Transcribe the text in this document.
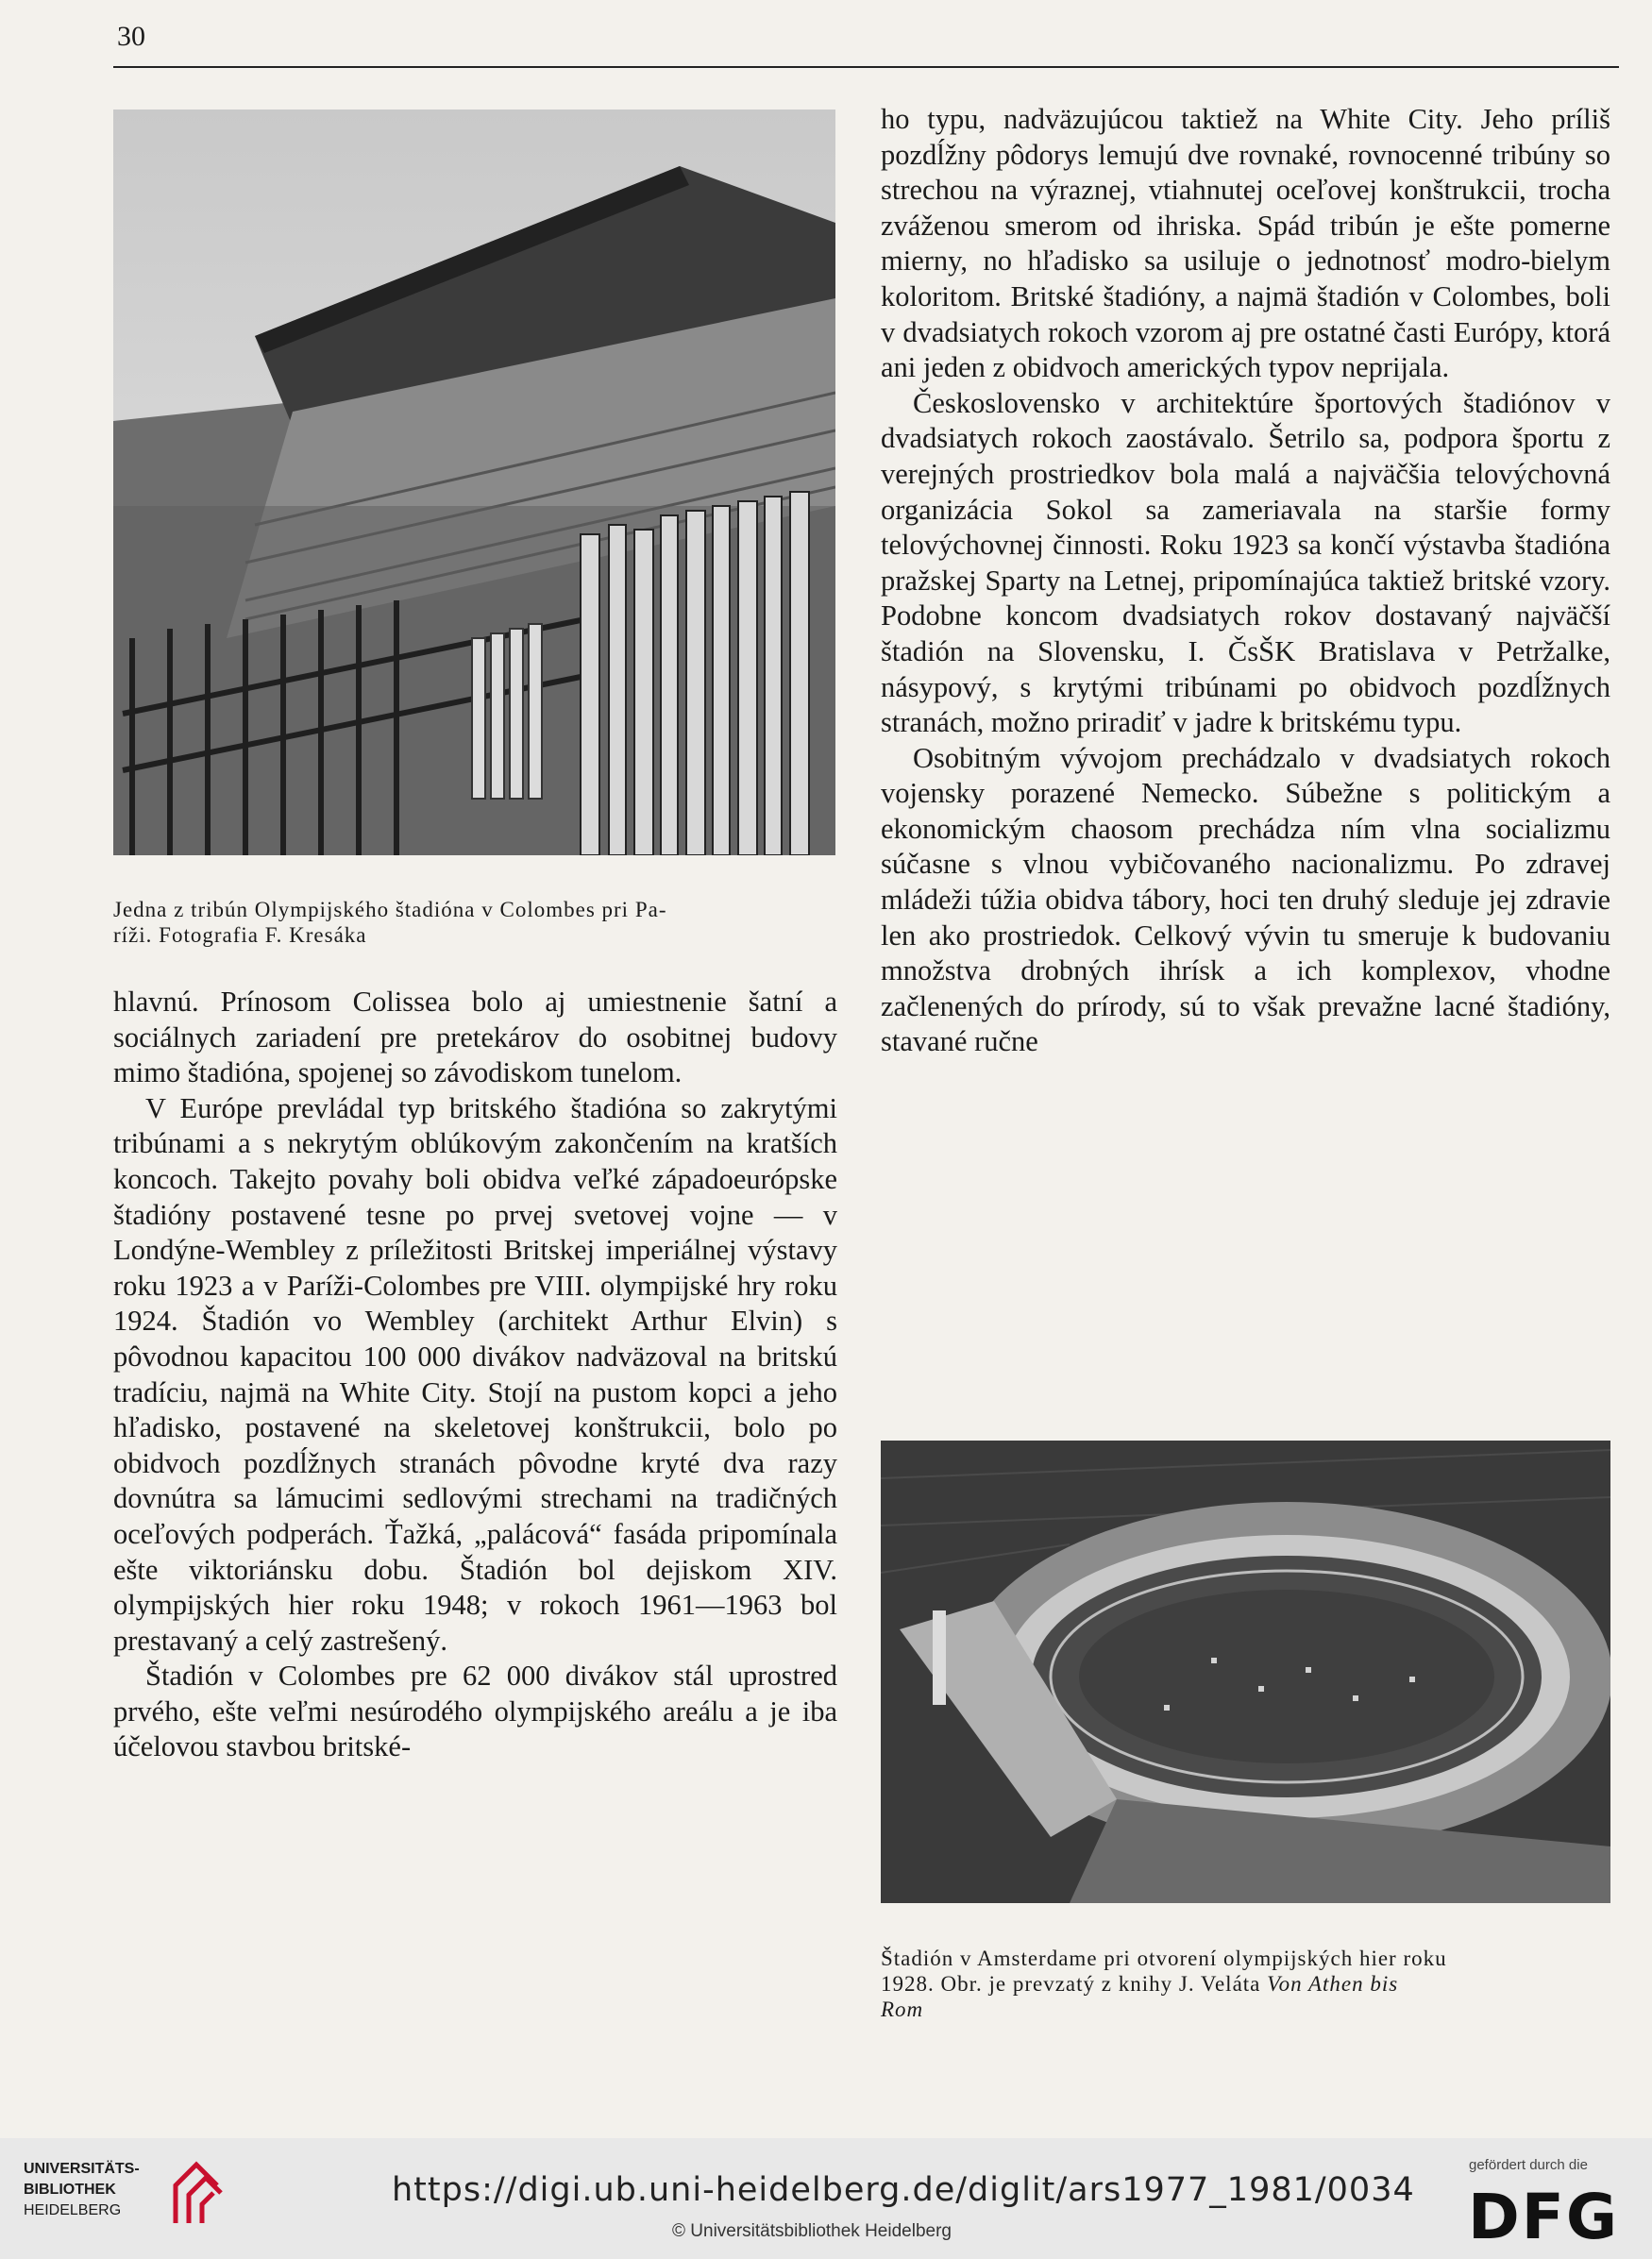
30
Jedna z tribún Olympijského štadióna v Colombes pri Pa-
ríži. Fotografia F. Kresáka

hlavnú. Prínosom Colissea bolo aj umiestnenie šatní a sociálnych zariadení pre pretekárov do osobitnej budovy mimo štadióna, spojenej so závodiskom tunelom.

V Európe prevládal typ britského štadióna so zakrytými tribúnami a s nekrytým oblúkovým zakončením na kratších koncoch. Takejto povahy boli obidva veľké západoeurópske štadióny postavené tesne po prvej svetovej vojne — v Londýne-Wembley z príležitosti Britskej imperiálnej výstavy roku 1923 a v Paríži-Colombes pre VIII. olympijské hry roku 1924. Štadión vo Wembley (architekt Arthur Elvin) s pôvodnou kapacitou 100 000 divákov nadväzoval na britskú tradíciu, najmä na White City. Stojí na pustom kopci a jeho hľadisko, postavené na skeletovej konštrukcii, bolo po obidvoch pozdĺžnych stranách pôvodne kryté dva razy dovnútra sa lámucimi sedlovými strechami na tradičných oceľových podperách. Ťažká, „palácová“ fasáda pripomínala ešte viktoriánsku dobu. Štadión bol dejiskom XIV. olympijských hier roku 1948; v rokoch 1961—1963 bol prestavaný a celý zastrešený.

Štadión v Colombes pre 62 000 divákov stál uprostred prvého, ešte veľmi nesúrodého olympijského areálu a je iba účelovou stavbou britské-

ho typu, nadväzujúcou taktiež na White City. Jeho príliš pozdĺžny pôdorys lemujú dve rovnaké, rovnocenné tribúny so strechou na výraznej, vtiahnutej oceľovej konštrukcii, trocha zváženou smerom od ihriska. Spád tribún je ešte pomerne mierny, no hľadisko sa usiluje o jednotnosť modro-bielym koloritom. Britské štadióny, a najmä štadión v Colombes, boli v dvadsiatych rokoch vzorom aj pre ostatné časti Európy, ktorá ani jeden z obidvoch amerických typov neprijala.

Československo v architektúre športových štadiónov v dvadsiatych rokoch zaostávalo. Šetrilo sa, podpora športu z verejných prostriedkov bola malá a najväčšia telovýchovná organizácia Sokol sa zameriavala na staršie formy telovýchovnej činnosti. Roku 1923 sa končí výstavba štadióna pražskej Sparty na Letnej, pripomínajúca taktiež britské vzory. Podobne koncom dvadsiatych rokov dostavaný najväčší štadión na Slovensku, I. ČsŠK Bratislava v Petržalke, násypový, s krytými tribúnami po obidvoch pozdĺžnych stranách, možno priradiť v jadre k britskému typu.

Osobitným vývojom prechádzalo v dvadsiatych rokoch vojensky porazené Nemecko. Súbežne s politickým a ekonomickým chaosom prechádza ním vlna socializmu súčasne s vlnou vybičovaného nacionalizmu. Po zdravej mládeži túžia obidva tábory, hoci ten druhý sleduje jej zdravie len ako prostriedok. Celkový vývin tu smeruje k budovaniu množstva drobných ihrísk a ich komplexov, vhodne začlenených do prírody, sú to však prevažne lacné štadióny, stavané ručne

Štadión v Amsterdame pri otvorení olympijských hier roku
1928. Obr. je prevzatý z knihy J. Veláta Von Athen bis
Rom
UNIVERSITÄTS-
BIBLIOTHEK
HEIDELBERG
https://digi.ub.uni-heidelberg.de/diglit/ars1977_1981/0034
© Universitätsbibliothek Heidelberg
gefördert durch die
DFG
